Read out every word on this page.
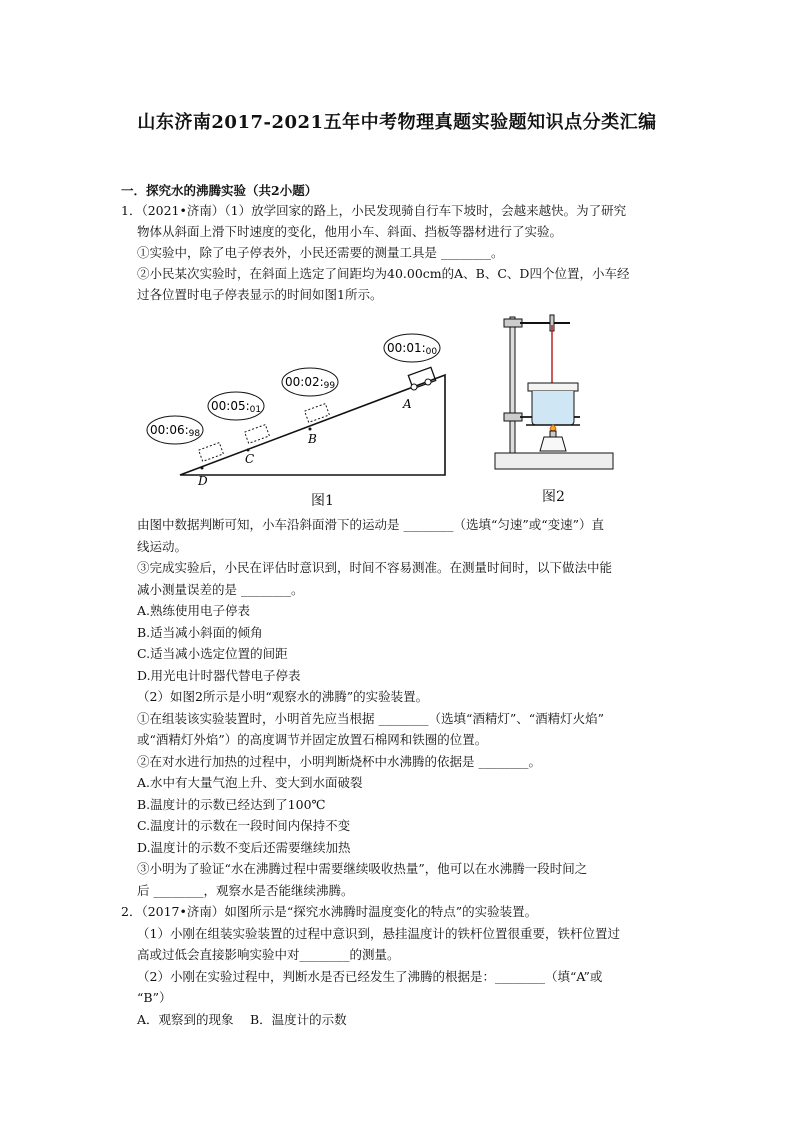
山东济南2017-2021五年中考物理真题实验题知识点分类汇编
一．探究水的沸腾实验（共2小题）
1．（2021•济南）（1）放学回家的路上，小民发现骑自行车下坡时，会越来越快。为了研究
物体从斜面上滑下时速度的变化，他用小车、斜面、挡板等器材进行了实验。
①实验中，除了电子停表外，小民还需要的测量工具是 ________。
②小民某次实验时，在斜面上选定了间距均为40.00cm的A、B、C、D四个位置，小车经
过各位置时电子停表显示的时间如图1所示。
00:06:98
00:05:01
00:02:99
00:01:00
D
C
B
A
图1	图2
由图中数据判断可知，小车沿斜面滑下的运动是 ________（选填“匀速”或“变速”）直
线运动。
③完成实验后，小民在评估时意识到，时间不容易测准。在测量时间时，以下做法中能
减小测量误差的是 ________。
A.熟练使用电子停表
B.适当减小斜面的倾角
C.适当减小选定位置的间距
D.用光电计时器代替电子停表
（2）如图2所示是小明“观察水的沸腾”的实验装置。
①在组装该实验装置时，小明首先应当根据 ________（选填“酒精灯”、“酒精灯火焰”
或“酒精灯外焰”）的高度调节并固定放置石棉网和铁圈的位置。
②在对水进行加热的过程中，小明判断烧杯中水沸腾的依据是 ________。
A.水中有大量气泡上升、变大到水面破裂
B.温度计的示数已经达到了100℃
C.温度计的示数在一段时间内保持不变
D.温度计的示数不变后还需要继续加热
③小明为了验证“水在沸腾过程中需要继续吸收热量”，他可以在水沸腾一段时间之
后 ________，观察水是否能继续沸腾。
2．（2017•济南）如图所示是“探究水沸腾时温度变化的特点”的实验装置。
（1）小刚在组装实验装置的过程中意识到，悬挂温度计的铁杆位置很重要，铁杆位置过
高或过低会直接影响实验中对________的测量。
（2）小刚在实验过程中，判断水是否已经发生了沸腾的根据是：________（填“A”或
“B”）
A．观察到的现象　 B．温度计的示数
